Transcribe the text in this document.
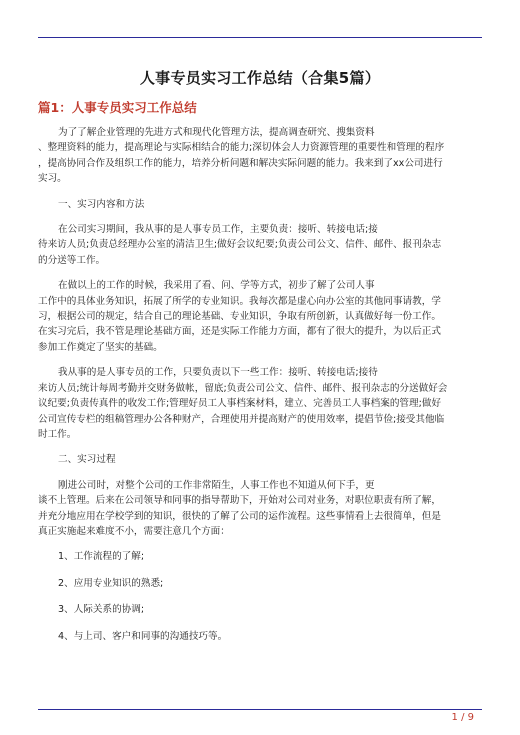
人事专员实习工作总结（合集5篇）
篇1：人事专员实习工作总结

为了了解企业管理的先进方式和现代化管理方法，提高调查研究、搜集资料
、整理资料的能力，提高理论与实际相结合的能力;深切体会人力资源管理的重要性和管理的程序
，提高协同合作及组织工作的能力，培养分析问题和解决实际问题的能力。我来到了xx公司进行
实习。

一、实习内容和方法

在公司实习期间，我从事的是人事专员工作，主要负责：接听、转接电话;接
待来访人员;负责总经理办公室的清洁卫生;做好会议纪要;负责公司公文、信件、邮件、报刊杂志
的分送等工作。

在做以上的工作的时候，我采用了看、问、学等方式，初步了解了公司人事
工作中的具体业务知识，拓展了所学的专业知识。我每次都是虚心向办公室的其他同事请教，学
习，根据公司的规定，结合自己的理论基础、专业知识，争取有所创新，认真做好每一份工作。
在实习完后，我不管是理论基础方面，还是实际工作能力方面，都有了很大的提升，为以后正式
参加工作奠定了坚实的基础。

我从事的是人事专员的工作，只要负责以下一些工作：接听、转接电话;接待
来访人员;统计每周考勤并交财务做帐，留底;负责公司公文、信件、邮件、报刊杂志的分送做好会
议纪要;负责传真件的收发工作;管理好员工人事档案材料，建立、完善员工人事档案的管理;做好
公司宣传专栏的组稿管理办公各种财产，合理使用并提高财产的使用效率，提倡节俭;接受其他临
时工作。

二、实习过程

刚进公司时，对整个公司的工作非常陌生，人事工作也不知道从何下手，更
谈不上管理。后来在公司领导和同事的指导帮助下，开始对公司对业务，对职位职责有所了解，
并充分地应用在学校学到的知识，很快的了解了公司的运作流程。这些事情看上去很简单，但是
真正实施起来难度不小，需要注意几个方面：

1、工作流程的了解;
2、应用专业知识的熟悉;
3、人际关系的协调;
4、与上司、客户和同事的沟通技巧等。
1 / 9
